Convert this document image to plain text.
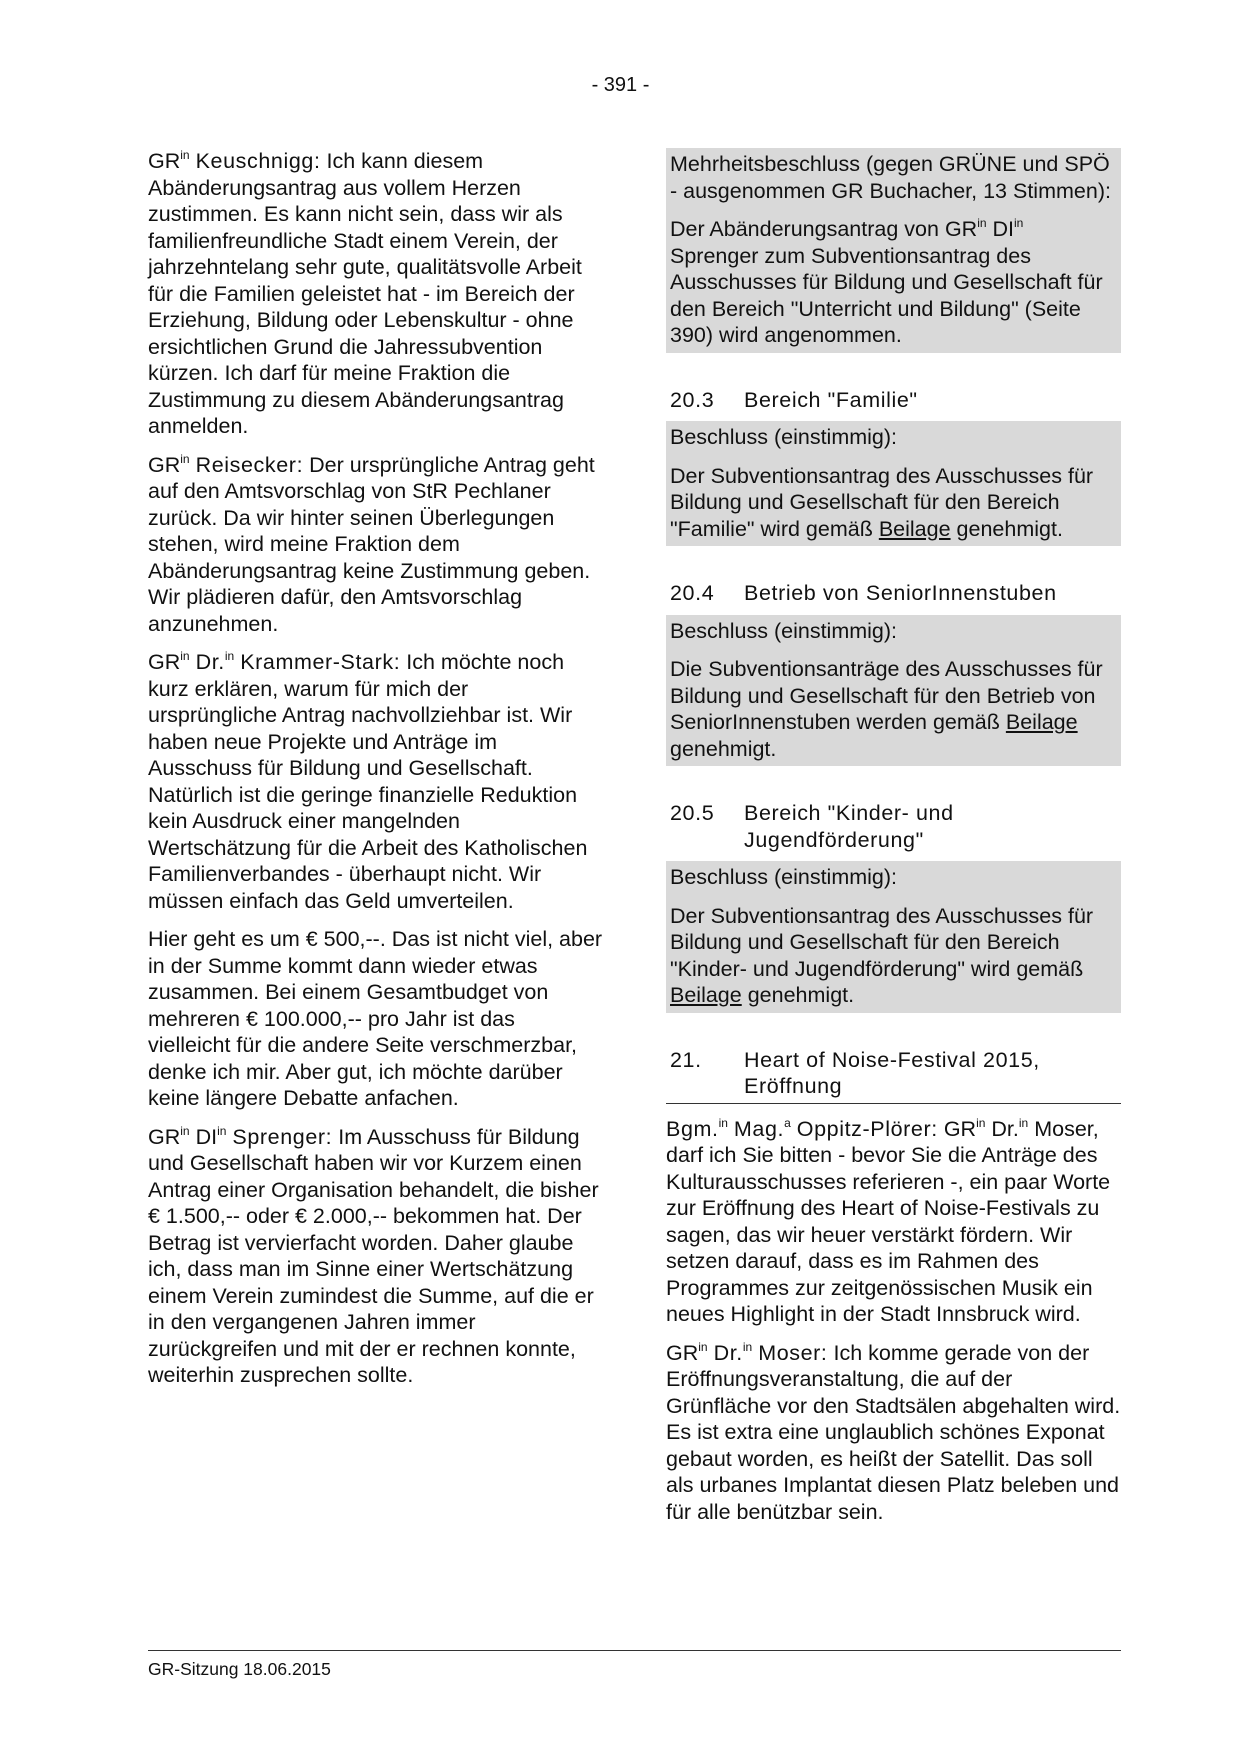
- 391 -

$GR^{in}$ Keuschnigg: Ich kann diesem Abänderungsantrag aus vollem Herzen zustimmen. Es kann nicht sein, dass wir als familienfreundliche Stadt einem Verein, der jahrzehntelang sehr gute, qualitätsvolle Arbeit für die Familien geleistet hat - im Bereich der Erziehung, Bildung oder Lebenskultur - ohne ersichtlichen Grund die Jahressubvention kürzen. Ich darf für meine Fraktion die Zustimmung zu diesem Abänderungsantrag anmelden.

$GR^{in}$ Reisecker: Der ursprüngliche Antrag geht auf den Amtsvorschlag von StR Pechlaner zurück. Da wir hinter seinen Überlegungen stehen, wird meine Fraktion dem Abänderungsantrag keine Zustimmung geben. Wir plädieren dafür, den Amtsvorschlag anzunehmen.

$GR^{in}$ Dr.$^{in}$ Krammer-Stark: Ich möchte noch kurz erklären, warum für mich der ursprüngliche Antrag nachvollziehbar ist. Wir haben neue Projekte und Anträge im Ausschuss für Bildung und Gesellschaft. Natürlich ist die geringe finanzielle Reduktion kein Ausdruck einer mangelnden Wertschätzung für die Arbeit des Katholischen Familienverbandes - überhaupt nicht. Wir müssen einfach das Geld umverteilen.

Hier geht es um € 500,--. Das ist nicht viel, aber in der Summe kommt dann wieder etwas zusammen. Bei einem Gesamtbudget von mehreren € 100.000,-- pro Jahr ist das vielleicht für die andere Seite verschmerzbar, denke ich mir. Aber gut, ich möchte darüber keine längere Debatte anfachen.

$GR^{in}$ $DI^{in}$ Sprenger: Im Ausschuss für Bildung und Gesellschaft haben wir vor Kurzem einen Antrag einer Organisation behandelt, die bisher € 1.500,-- oder € 2.000,-- bekommen hat. Der Betrag ist vervierfacht worden. Daher glaube ich, dass man im Sinne einer Wertschätzung einem Verein zumindest die Summe, auf die er in den vergangenen Jahren immer zurückgreifen und mit der er rechnen konnte, weiterhin zusprechen sollte.

Mehrheitsbeschluss (gegen GRÜNE und SPÖ - ausgenommen GR Buchacher, 13 Stimmen):

Der Abänderungsantrag von $GR^{in}$ $DI^{in}$ Sprenger zum Subventionsantrag des Ausschusses für Bildung und Gesellschaft für den Bereich "Unterricht und Bildung" (Seite 390) wird angenommen.

20.3	Bereich "Familie"

Beschluss (einstimmig):

Der Subventionsantrag des Ausschusses für Bildung und Gesellschaft für den Bereich "Familie" wird gemäß Beilage genehmigt.

20.4	Betrieb von SeniorInnenstuben

Beschluss (einstimmig):

Die Subventionsanträge des Ausschusses für Bildung und Gesellschaft für den Betrieb von SeniorInnenstuben werden gemäß Beilage genehmigt.

20.5	Bereich "Kinder- und Jugendförderung"

Beschluss (einstimmig):

Der Subventionsantrag des Ausschusses für Bildung und Gesellschaft für den Bereich "Kinder- und Jugendförderung" wird gemäß Beilage genehmigt.

21.	Heart of Noise-Festival 2015, Eröffnung

Bgm.$^{in}$ Mag.$^a$ Oppitz-Plörer: $GR^{in}$ Dr.$^{in}$ Moser, darf ich Sie bitten - bevor Sie die Anträge des Kulturausschusses referieren -, ein paar Worte zur Eröffnung des Heart of Noise-Festivals zu sagen, das wir heuer verstärkt fördern. Wir setzen darauf, dass es im Rahmen des Programmes zur zeitgenössischen Musik ein neues Highlight in der Stadt Innsbruck wird.

$GR^{in}$ Dr.$^{in}$ Moser: Ich komme gerade von der Eröffnungsveranstaltung, die auf der Grünfläche vor den Stadtsälen abgehalten wird. Es ist extra eine unglaublich schönes Exponat gebaut worden, es heißt der Satellit. Das soll als urbanes Implantat diesen Platz beleben und für alle benützbar sein.

GR-Sitzung 18.06.2015
